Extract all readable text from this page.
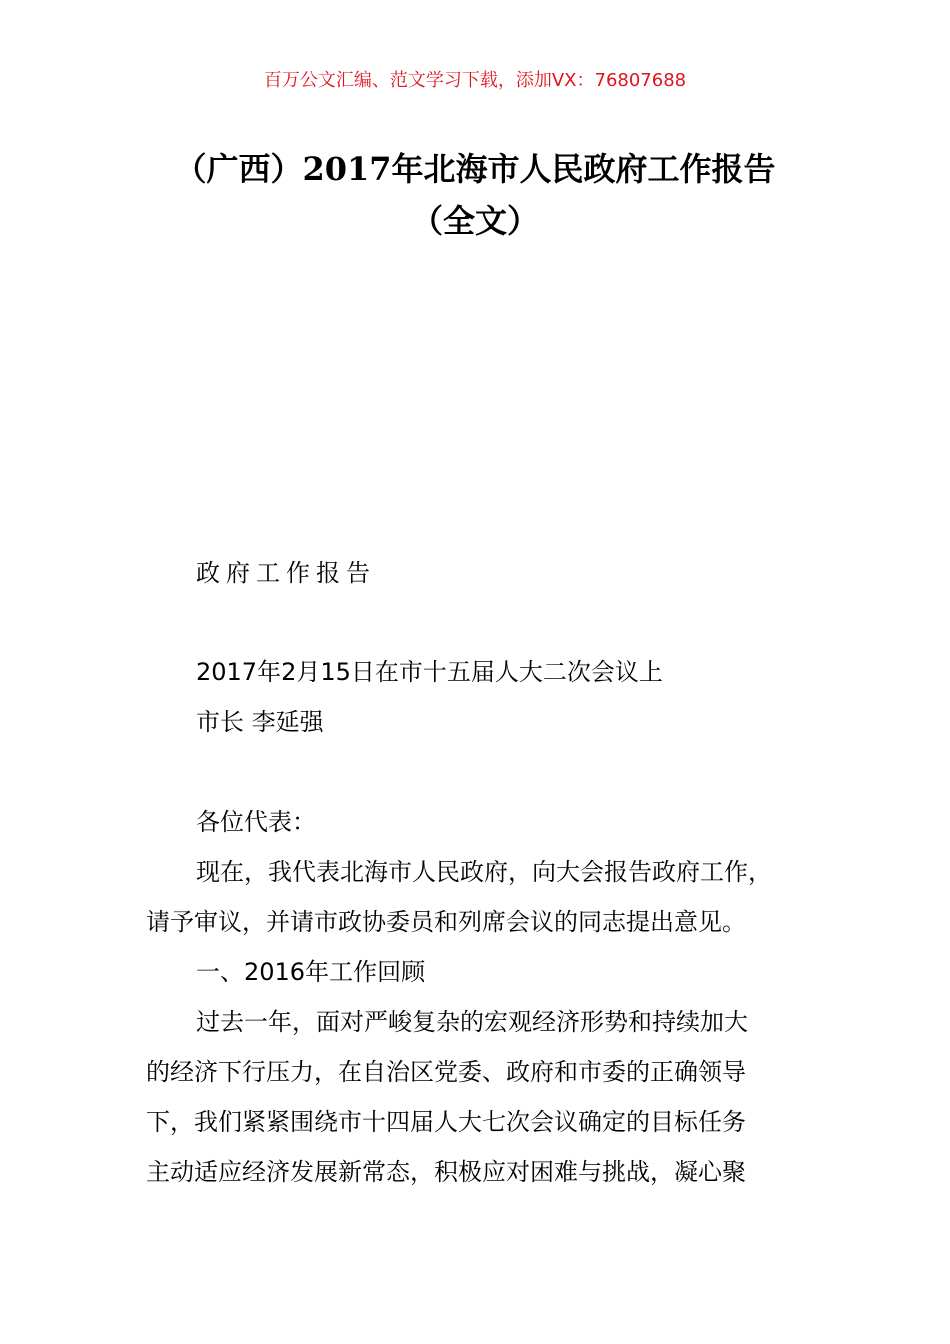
百万公文汇编、范文学习下载，添加VX：76807688
（广西）2017年北海市人民政府工作报告
（全文）
政府工作报告
2017年2月15日在市十五届人大二次会议上
市长 李延强
各位代表：
现在，我代表北海市人民政府，向大会报告政府工作，
请予审议，并请市政协委员和列席会议的同志提出意见。
一、2016年工作回顾
过去一年，面对严峻复杂的宏观经济形势和持续加大
的经济下行压力，在自治区党委、政府和市委的正确领导
下，我们紧紧围绕市十四届人大七次会议确定的目标任务
主动适应经济发展新常态，积极应对困难与挑战，凝心聚
